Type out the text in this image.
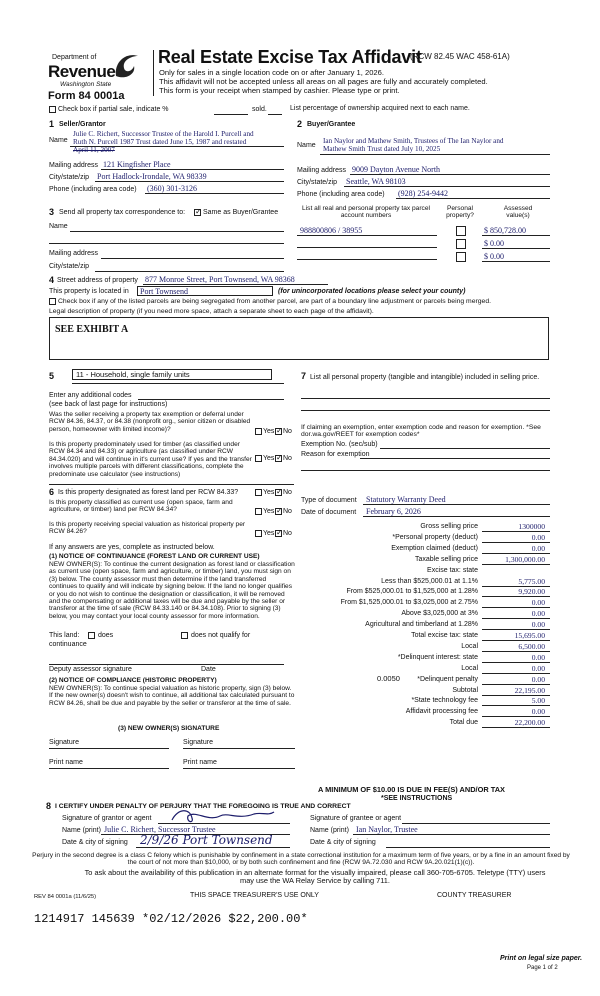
Department of
Revenue
Washington State
Form 84 0001a
Real Estate Excise Tax Affidavit
(RCW 82.45 WAC 458-61A)
Only for sales in a single location code on or after January 1, 2026.
This affidavit will not be accepted unless all areas on all pages are fully and accurately completed.
This form is your receipt when stamped by cashier. Please type or print.
Check box if partial sale, indicate %	sold.	List percentage of ownership acquired next to each name.
1 Seller/Grantor
Name
Julie C. Richert, Successor Trustee of the Harold I. Purcell and
Ruth N. Purcell 1987 Trust dated June 15, 1987 and restated
April 11, 2007
Mailing address 121 Kingfisher Place
City/state/zip Port Hadlock-Irondale, WA 98339
Phone (including area code) (360) 301-3126
2 Buyer/Grantee
Name
Ian Naylor and Mathew Smith, Trustees of The Ian Naylor and
Mathew Smith Trust dated July 10, 2025
Mailing address 9009 Dayton Avenue North
City/state/zip Seattle, WA 98103
Phone (including area code) (928) 254-9442
3 Send all property tax correspondence to: ✓	Same as Buyer/Grantee
Name
Mailing address
City/state/zip
List all real and personal property tax parcel account numbers
Personal property?
Assessed value(s)
988800806 / 38955	$ 850,728.00
$ 0.00
$ 0.00
4 Street address of property 877 Monroe Street, Port Townsend, WA 98368
This property is located in Port Townsend	(for unincorporated locations please select your county)
Check box if any of the listed parcels are being segregated from another parcel, are part of a boundary line adjustment or parcels being merged.
Legal description of property (if you need more space, attach a separate sheet to each page of the affidavit).
SEE EXHIBIT A
5	11 - Household, single family units
Enter any additional codes
(see back of last page for instructions)
Was the seller receiving a property tax exemption or deferral under RCW 84.36, 84.37, or 84.38 (nonprofit org., senior citizen or disabled person, homeowner with limited income)?	Yes ✓ No
Is this property predominately used for timber (as classified under RCW 84.34 and 84.33) or agriculture (as classified under RCW 84.34.020) and will continue in it's current use? If yes and the transfer involves multiple parcels with different classifications, complete the predominate use calculator (see instructions)
Yes ✓ No
6 Is this property designated as forest land per RCW 84.33?	Yes ✓ No
Is this property classified as current use (open space, farm and agriculture, or timber) land per RCW 84.34?	Yes ✓ No
Is this property receiving special valuation as historical property per RCW 84.26?	Yes ✓ No
If any answers are yes, complete as instructed below.
(1) NOTICE OF CONTINUANCE (FOREST LAND OR CURRENT USE)
NEW OWNER(S): To continue the current designation as forest land or classification as current use (open space, farm and agriculture, or timber) land, you must sign on (3) below. The county assessor must then determine if the land transferred continues to qualify and will indicate by signing below. If the land no longer qualifies or you do not wish to continue the designation or classification, it will be removed and the compensating or additional taxes will be due and payable by the seller or transferor at the time of sale (RCW 84.33.140 or 84.34.108). Prior to signing (3) below, you may contact your local county assessor for more information.
This land:	does	does not qualify for
continuance
Deputy assessor signature	Date
(2) NOTICE OF COMPLIANCE (HISTORIC PROPERTY)
NEW OWNER(S): To continue special valuation as historic property, sign (3) below. If the new owner(s) doesn't wish to continue, all additional tax calculated pursuant to RCW 84.26, shall be due and payable by the seller or transferor at the time of sale.
(3) NEW OWNER(S) SIGNATURE
Signature	Signature
Print name	Print name
7 List all personal property (tangible and intangible) included in selling price.
If claiming an exemption, enter exemption code and reason for exemption. *See dor.wa.gov/REET for exemption codes*
Exemption No. (sec/sub)
Reason for exemption
Type of document Statutory Warranty Deed
Date of document February 6, 2026
Gross selling price	1300000
*Personal property (deduct)	0.00
Exemption claimed (deduct)	0.00
Taxable selling price	1,300,000.00
Excise tax: state
Less than $525,000.01 at 1.1%	5,775.00
From $525,000.01 to $1,525,000 at 1.28%	9,920.00
From $1,525,000.01 to $3,025,000 at 2.75%	0.00
Above $3,025,000 at 3%	0.00
Agricultural and timberland at 1.28%	0.00
Total excise tax: state	15,695.00
Local	6,500.00
*Delinquent interest: state	0.00
Local	0.00
*Delinquent penalty	0.00
Subtotal	22,195.00
*State technology fee	5.00
Affidavit processing fee	0.00
Total due	22,200.00
0.0050
A MINIMUM OF $10.00 IS DUE IN FEE(S) AND/OR TAX
*SEE INSTRUCTIONS
8 I CERTIFY UNDER PENALTY OF PERJURY THAT THE FOREGOING IS TRUE AND CORRECT
Signature of grantor or agent	Signature of grantee or agent
Name (print) Julie C. Richert, Successor Trustee	Name (print) Ian Naylor, Trustee
Date & city of signing 2/9/26 Port Townsend	Date & city of signing
Perjury in the second degree is a class C felony which is punishable by confinement in a state correctional institution for a maximum term of five years, or by a fine in an amount fixed by the court of not more than $10,000, or by both such confinement and fine (RCW 9A.72.030 and RCW 9A.20.021(1)(c)).
To ask about the availability of this publication in an alternate format for the visually impaired, please call 360-705-6705. Teletype (TTY) users may use the WA Relay Service by calling 711.
REV 84 0001a (11/6/25)	THIS SPACE TREASURER'S USE ONLY	COUNTY TREASURER
1214917 145639 *02/12/2026 $22,200.00*
Print on legal size paper.
Page 1 of 2
